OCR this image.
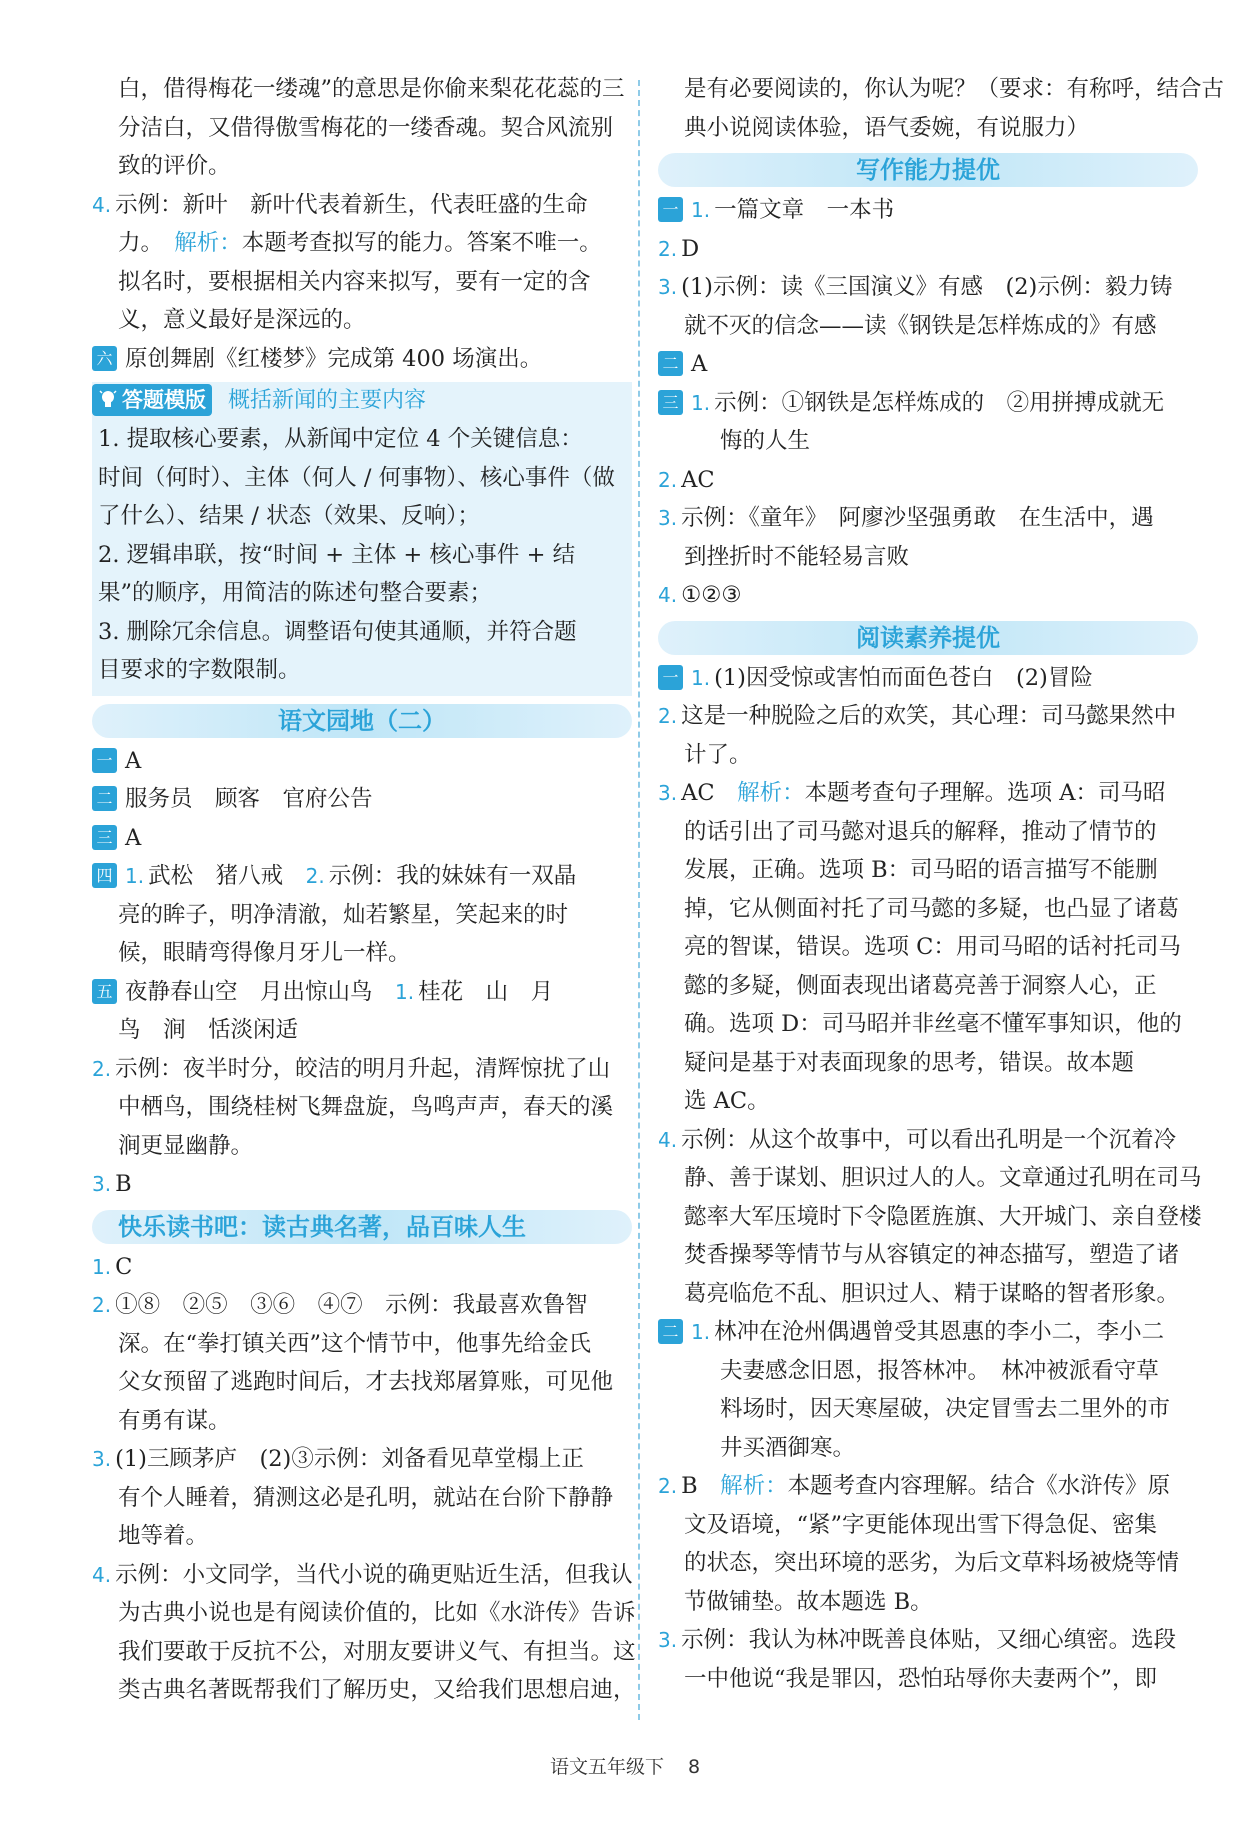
白，借得梅花一缕魂”的意思是你偷来梨花花蕊的三
分洁白，又借得傲雪梅花的一缕香魂。契合风流别
致的评价。
4. 示例：新叶　新叶代表着新生，代表旺盛的生命
力。　 解析：本题考查拟写的能力。答案不唯一。
拟名时，要根据相关内容来拟写，要有一定的含
义，意义最好是深远的。
六 原创舞剧《红楼梦》完成第 400 场演出。
答题模版 概括新闻的主要内容
1. 提取核心要素，从新闻中定位 4 个关键信息：
时间（何时）、主体（何人 / 何事物）、核心事件（做
了什么）、结果 / 状态（效果、反响）；
2. 逻辑串联，按“时间 + 主体 + 核心事件 + 结
果”的顺序，用简洁的陈述句整合要素；
3. 删除冗余信息。调整语句使其通顺，并符合题
目要求的字数限制。
语文园地（二）
一 A
二 服务员　顾客　官府公告
三 A
四 1. 武松　猪八戒　2. 示例：我的妹妹有一双晶
亮的眸子，明净清澈，灿若繁星，笑起来的时
候，眼睛弯得像月牙儿一样。
五 夜静春山空　月出惊山鸟　1. 桂花　山　月
鸟　涧　恬淡闲适
2. 示例：夜半时分，皎洁的明月升起，清辉惊扰了山
中栖鸟，围绕桂树飞舞盘旋，鸟鸣声声，春天的溪
涧更显幽静。
3. B
快乐读书吧：读古典名著，品百味人生
1. C
2. ①⑧　②⑤　③⑥　④⑦　示例：我最喜欢鲁智
深。在“拳打镇关西”这个情节中，他事先给金氏
父女预留了逃跑时间后，才去找郑屠算账，可见他
有勇有谋。
3. (1)三顾茅庐　(2)③示例：刘备看见草堂榻上正
有个人睡着，猜测这必是孔明，就站在台阶下静静
地等着。
4. 示例：小文同学，当代小说的确更贴近生活，但我认
为古典小说也是有阅读价值的，比如《水浒传》告诉
我们要敢于反抗不公，对朋友要讲义气、有担当。这
类古典名著既帮我们了解历史，又给我们思想启迪，
是有必要阅读的，你认为呢？（要求：有称呼，结合古
典小说阅读体验，语气委婉，有说服力）
写作能力提优
一 1. 一篇文章　一本书
2. D
3. (1)示例：读《三国演义》有感　(2)示例：毅力铸
就不灭的信念——读《钢铁是怎样炼成的》有感
二 A
三 1. 示例：①钢铁是怎样炼成的　②用拼搏成就无
悔的人生
2. AC
3. 示例：《童年》　阿廖沙坚强勇敢　在生活中，遇
到挫折时不能轻易言败
4. ①②③
阅读素养提优
一 1. (1)因受惊或害怕而面色苍白　(2)冒险
2. 这是一种脱险之后的欢笑，其心理：司马懿果然中
计了。
3. AC　解析：本题考查句子理解。选项 A：司马昭
的话引出了司马懿对退兵的解释，推动了情节的
发展，正确。选项 B：司马昭的语言描写不能删
掉，它从侧面衬托了司马懿的多疑，也凸显了诸葛
亮的智谋，错误。选项 C：用司马昭的话衬托司马
懿的多疑，侧面表现出诸葛亮善于洞察人心，正
确。选项 D：司马昭并非丝毫不懂军事知识，他的
疑问是基于对表面现象的思考，错误。故本题
选 AC。
4. 示例：从这个故事中，可以看出孔明是一个沉着冷
静、善于谋划、胆识过人的人。文章通过孔明在司马
懿率大军压境时下令隐匿旌旗、大开城门、亲自登楼
焚香操琴等情节与从容镇定的神态描写，塑造了诸
葛亮临危不乱、胆识过人、精于谋略的智者形象。
二 1. 林冲在沧州偶遇曾受其恩惠的李小二，李小二
夫妻感念旧恩，报答林冲。　林冲被派看守草
料场时，因天寒屋破，决定冒雪去二里外的市
井买酒御寒。
2. B　解析：本题考查内容理解。结合《水浒传》原
文及语境，“紧”字更能体现出雪下得急促、密集
的状态，突出环境的恶劣，为后文草料场被烧等情
节做铺垫。故本题选 B。
3. 示例：我认为林冲既善良体贴，又细心缜密。选段
一中他说“我是罪囚，恐怕玷辱你夫妻两个”，即
语文五年级下 8
